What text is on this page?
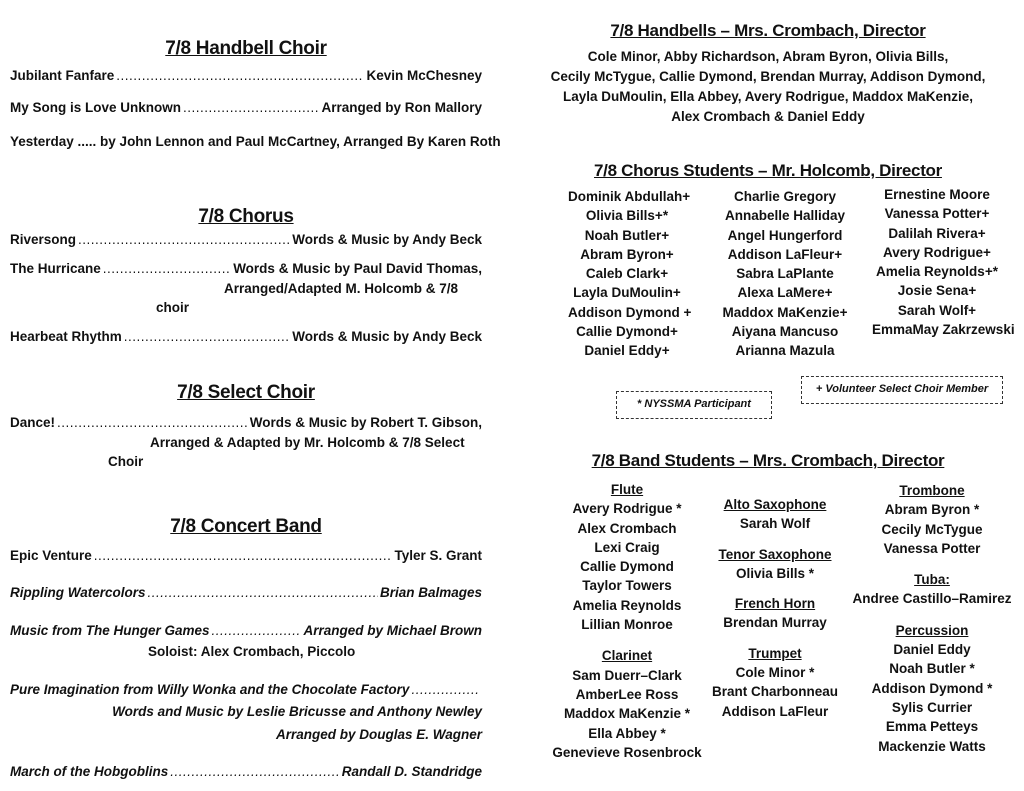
7/8 Handbell Choir
Jubilant Fanfare .....	Kevin McChesney
My Song is Love Unknown .....	Arranged by Ron Mallory
Yesterday ..... by John Lennon and Paul McCartney, Arranged By Karen Roth
7/8 Chorus
Riversong .....	Words & Music by Andy Beck
The Hurricane .....	Words & Music by Paul David Thomas,
Arranged/Adapted M. Holcomb & 7/8
choir
Hearbeat Rhythm .....	Words & Music by Andy Beck
7/8 Select Choir
Dance! .....	Words & Music by Robert T. Gibson,
Arranged & Adapted by Mr. Holcomb & 7/8 Select
Choir
7/8 Concert Band
Epic Venture .....	Tyler S. Grant
Rippling Watercolors .....	Brian Balmages
Music from The Hunger Games .....	Arranged by Michael Brown
Soloist: Alex Crombach, Piccolo
Pure Imagination from Willy Wonka and the Chocolate Factory
.....
Words and Music by Leslie Bricusse and Anthony Newley
Arranged by Douglas E. Wagner
March of the Hobgoblins .....	Randall D. Standridge
7/8 Handbells – Mrs. Crombach, Director
Cole Minor, Abby Richardson, Abram Byron, Olivia Bills,
Cecily McTygue, Callie Dymond, Brendan Murray, Addison Dymond,
Layla DuMoulin, Ella Abbey, Avery Rodrigue, Maddox MaKenzie,
Alex Crombach & Daniel Eddy
7/8 Chorus Students – Mr. Holcomb, Director
Dominik Abdullah+
Olivia Bills+*
Noah Butler+
Abram Byron+
Caleb Clark+
Layla DuMoulin+
Addison Dymond +
Callie Dymond+
Daniel Eddy+
Charlie Gregory
Annabelle Halliday
Angel Hungerford
Addison LaFleur+
Sabra LaPlante
Alexa LaMere+
Maddox MaKenzie+
Aiyana Mancuso
Arianna Mazula
Ernestine Moore
Vanessa Potter+
Dalilah Rivera+
Avery Rodrigue+
Amelia Reynolds+*
Josie Sena+
Sarah Wolf+
EmmaMay Zakrzewski
+ Volunteer Select Choir Member
* NYSSMA Participant
7/8 Band Students – Mrs. Crombach, Director
Flute
Avery Rodrigue *
Alex Crombach
Lexi Craig
Callie Dymond
Taylor Towers
Amelia Reynolds
Lillian Monroe
Clarinet
Sam Duerr–Clark
AmberLee Ross
Maddox MaKenzie *
Ella Abbey *
Genevieve Rosenbrock
Alto Saxophone
Sarah Wolf
Tenor Saxophone
Olivia Bills *
French Horn
Brendan Murray
Trumpet
Cole Minor *
Brant Charbonneau
Addison LaFleur
Trombone
Abram Byron *
Cecily McTygue
Vanessa Potter
Tuba:
Andree Castillo–Ramirez
Percussion
Daniel Eddy
Noah Butler *
Addison Dymond *
Sylis Currier
Emma Petteys
Mackenzie Watts
